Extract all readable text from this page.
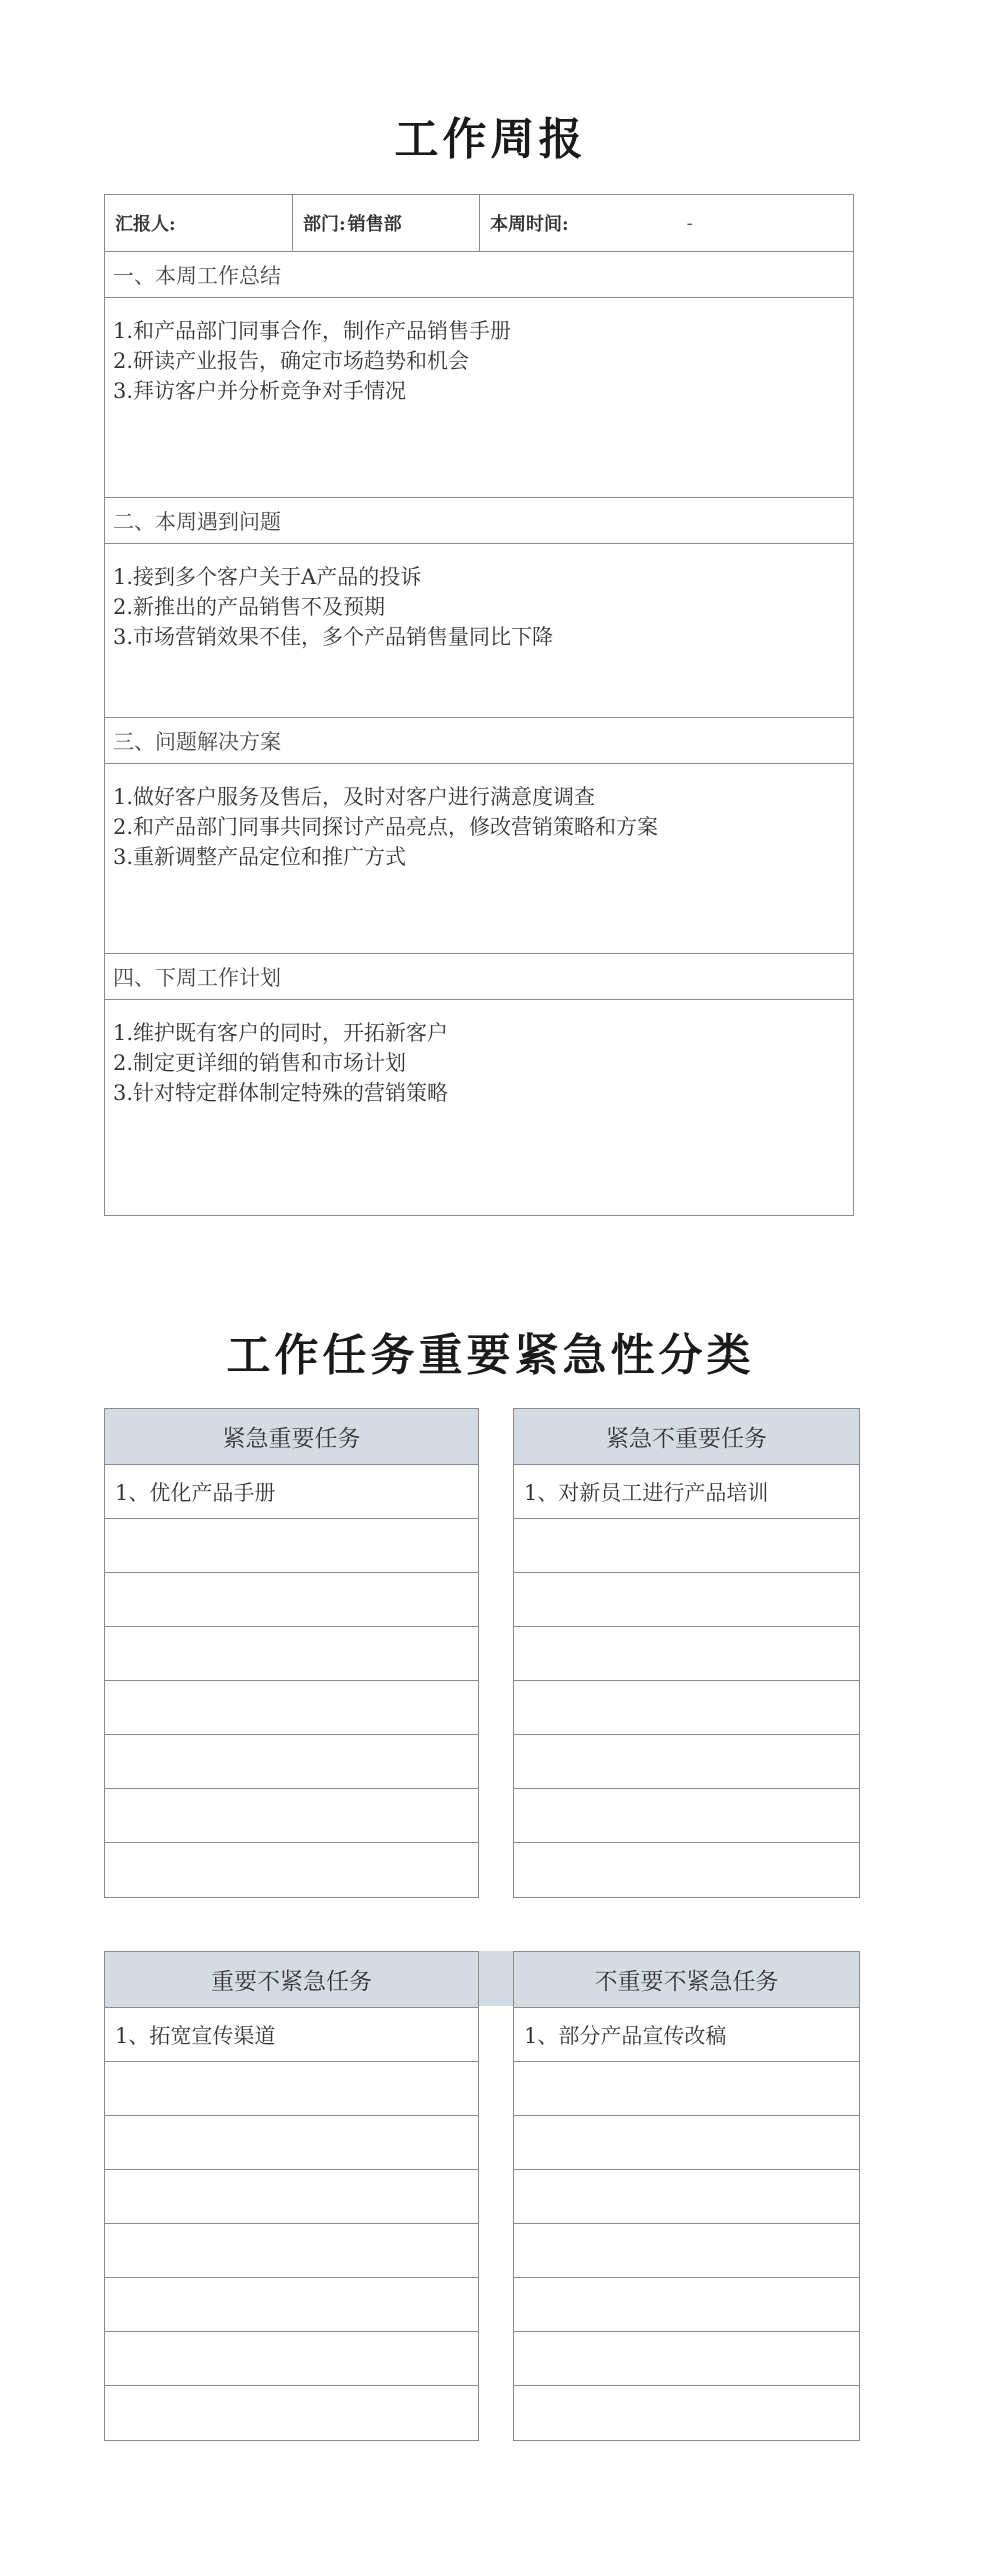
工作周报
汇报人:	部门: 销售部	本周时间:	-
一、本周工作总结
1.和产品部门同事合作，制作产品销售手册
2.研读产业报告，确定市场趋势和机会
3.拜访客户并分析竞争对手情况
二、本周遇到问题
1.接到多个客户关于A产品的投诉
2.新推出的产品销售不及预期
3.市场营销效果不佳，多个产品销售量同比下降
三、问题解决方案
1.做好客户服务及售后，及时对客户进行满意度调查
2.和产品部门同事共同探讨产品亮点，修改营销策略和方案
3.重新调整产品定位和推广方式
四、下周工作计划
1.维护既有客户的同时，开拓新客户
2.制定更详细的销售和市场计划
3.针对特定群体制定特殊的营销策略
工作任务重要紧急性分类
紧急重要任务
1、优化产品手册
紧急不重要任务
1、对新员工进行产品培训
重要不紧急任务
1、拓宽宣传渠道
不重要不紧急任务
1、部分产品宣传改稿
